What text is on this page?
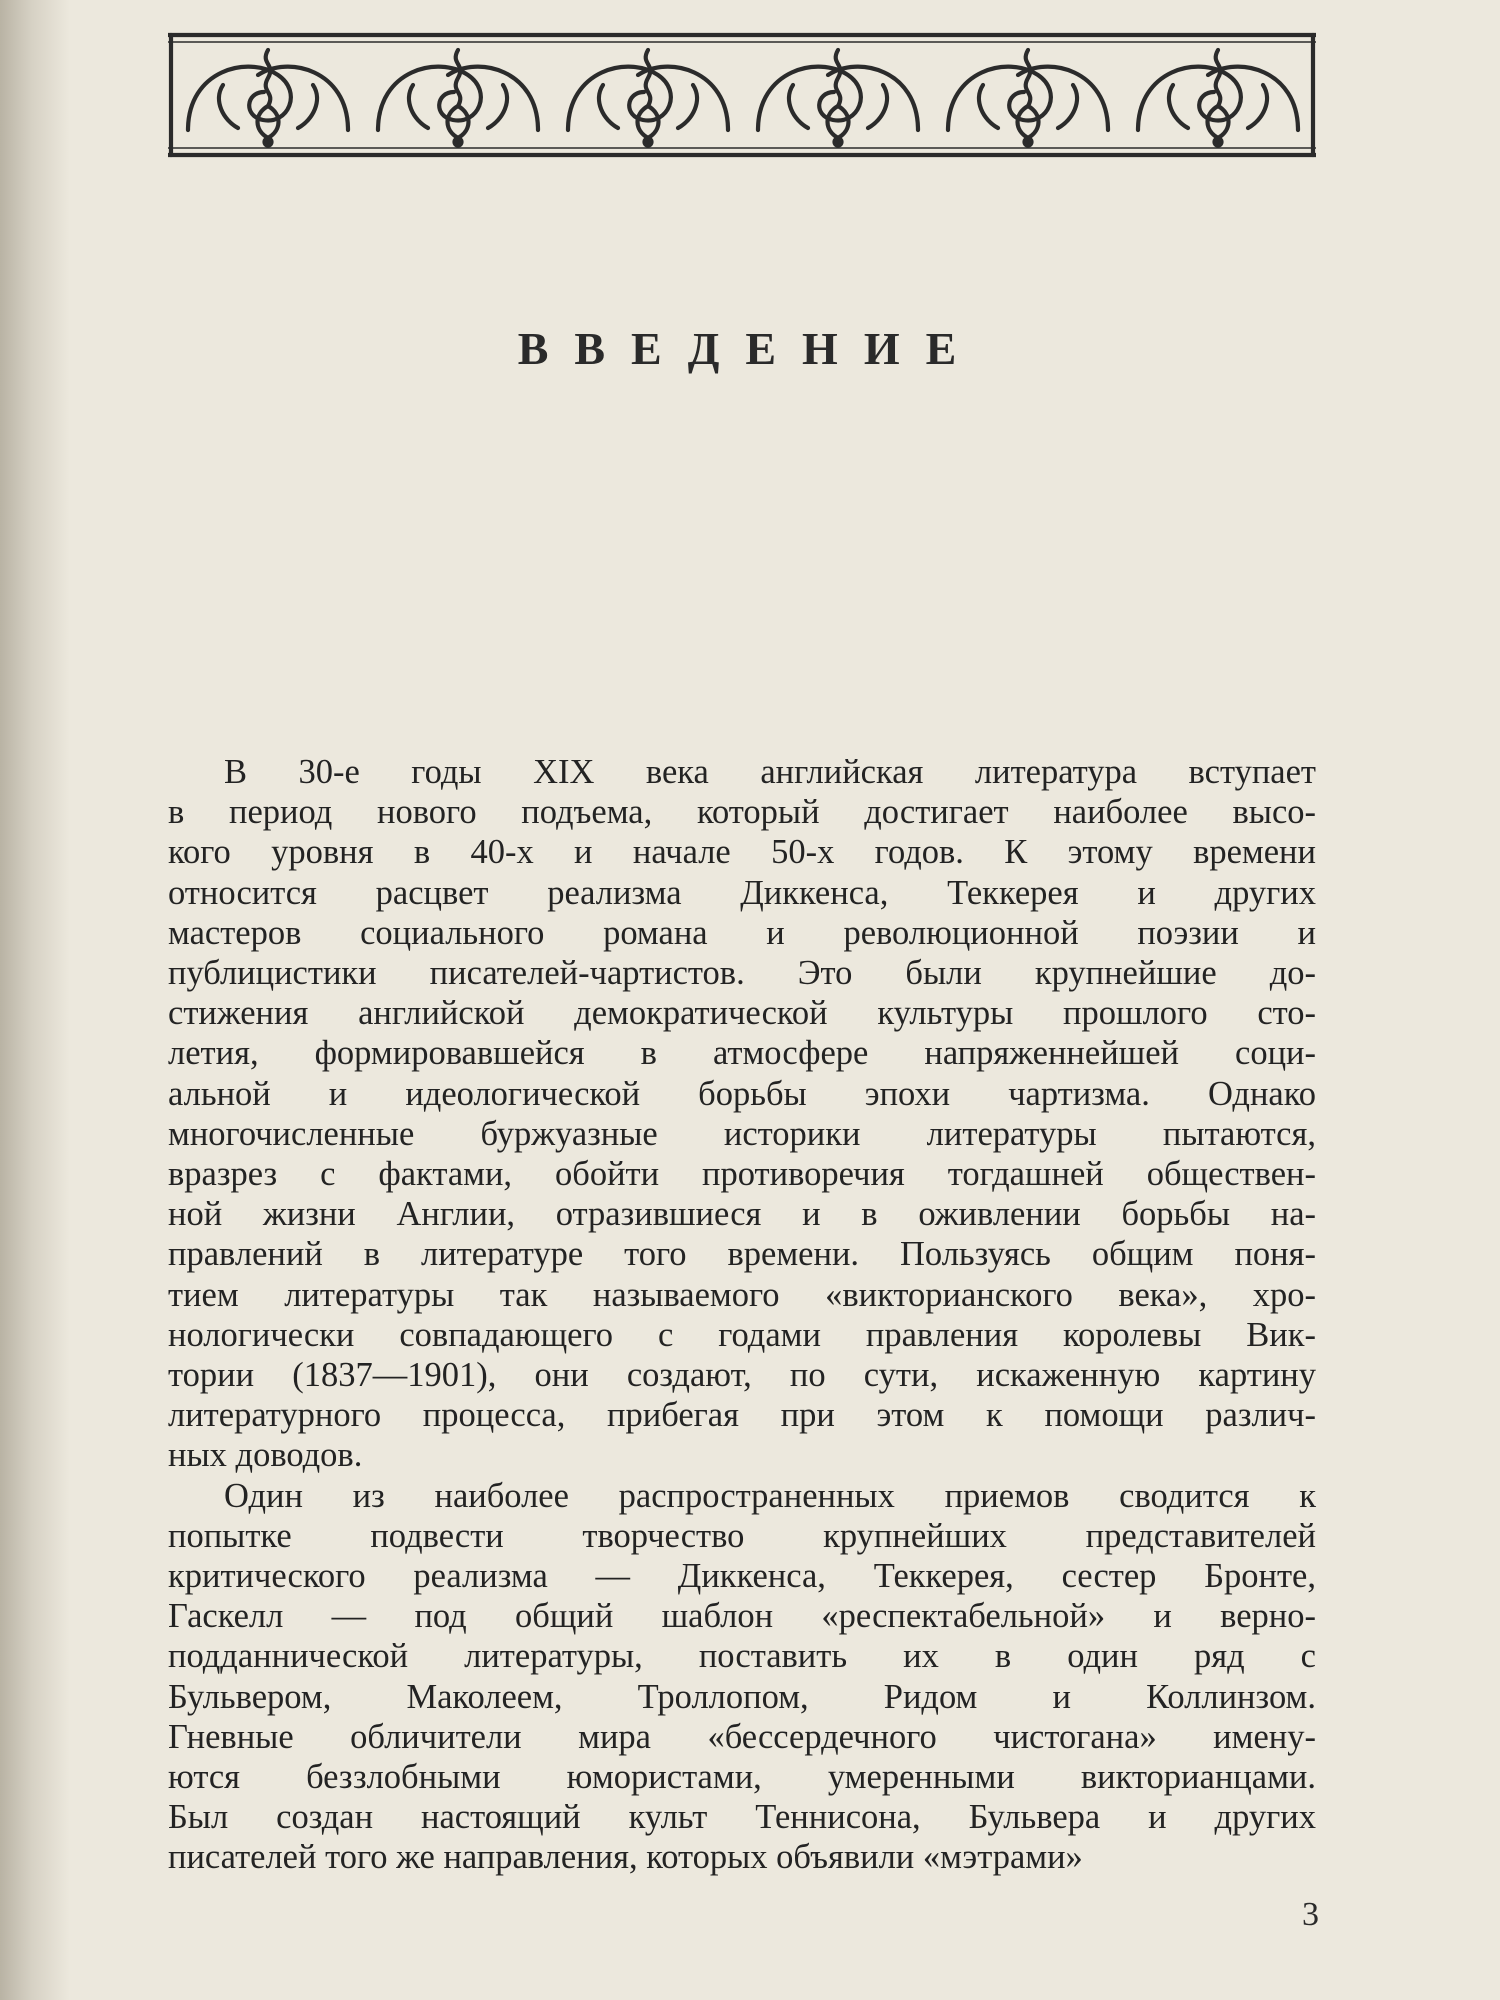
ВВЕДЕНИЕ
В 30-е годы XIX века английская литература вступает
в период нового подъема, который достигает наиболее высо-
кого уровня в 40-х и начале 50-х годов. К этому времени
относится расцвет реализма Диккенса, Теккерея и других
мастеров социального романа и революционной поэзии и
публицистики писателей-чартистов. Это были крупнейшие до-
стижения английской демократической культуры прошлого сто-
летия, формировавшейся в атмосфере напряженнейшей соци-
альной и идеологической борьбы эпохи чартизма. Однако
многочисленные буржуазные историки литературы пытаются,
вразрез с фактами, обойти противоречия тогдашней обществен-
ной жизни Англии, отразившиеся и в оживлении борьбы на-
правлений в литературе того времени. Пользуясь общим поня-
тием литературы так называемого «викторианского века», хро-
нологически совпадающего с годами правления королевы Вик-
тории (1837—1901), они создают, по сути, искаженную картину
литературного процесса, прибегая при этом к помощи различ-
ных доводов.
Один из наиболее распространенных приемов сводится к
попытке подвести творчество крупнейших представителей
критического реализма — Диккенса, Теккерея, сестер Бронте,
Гаскелл — под общий шаблон «респектабельной» и верно-
подданнической литературы, поставить их в один ряд с
Бульвером, Маколеем, Троллопом, Ридом и Коллинзом.
Гневные обличители мира «бессердечного чистогана» имену-
ются беззлобными юмористами, умеренными викторианцами.
Был создан настоящий культ Теннисона, Бульвера и других
писателей того же направления, которых объявили «мэтрами»
3
